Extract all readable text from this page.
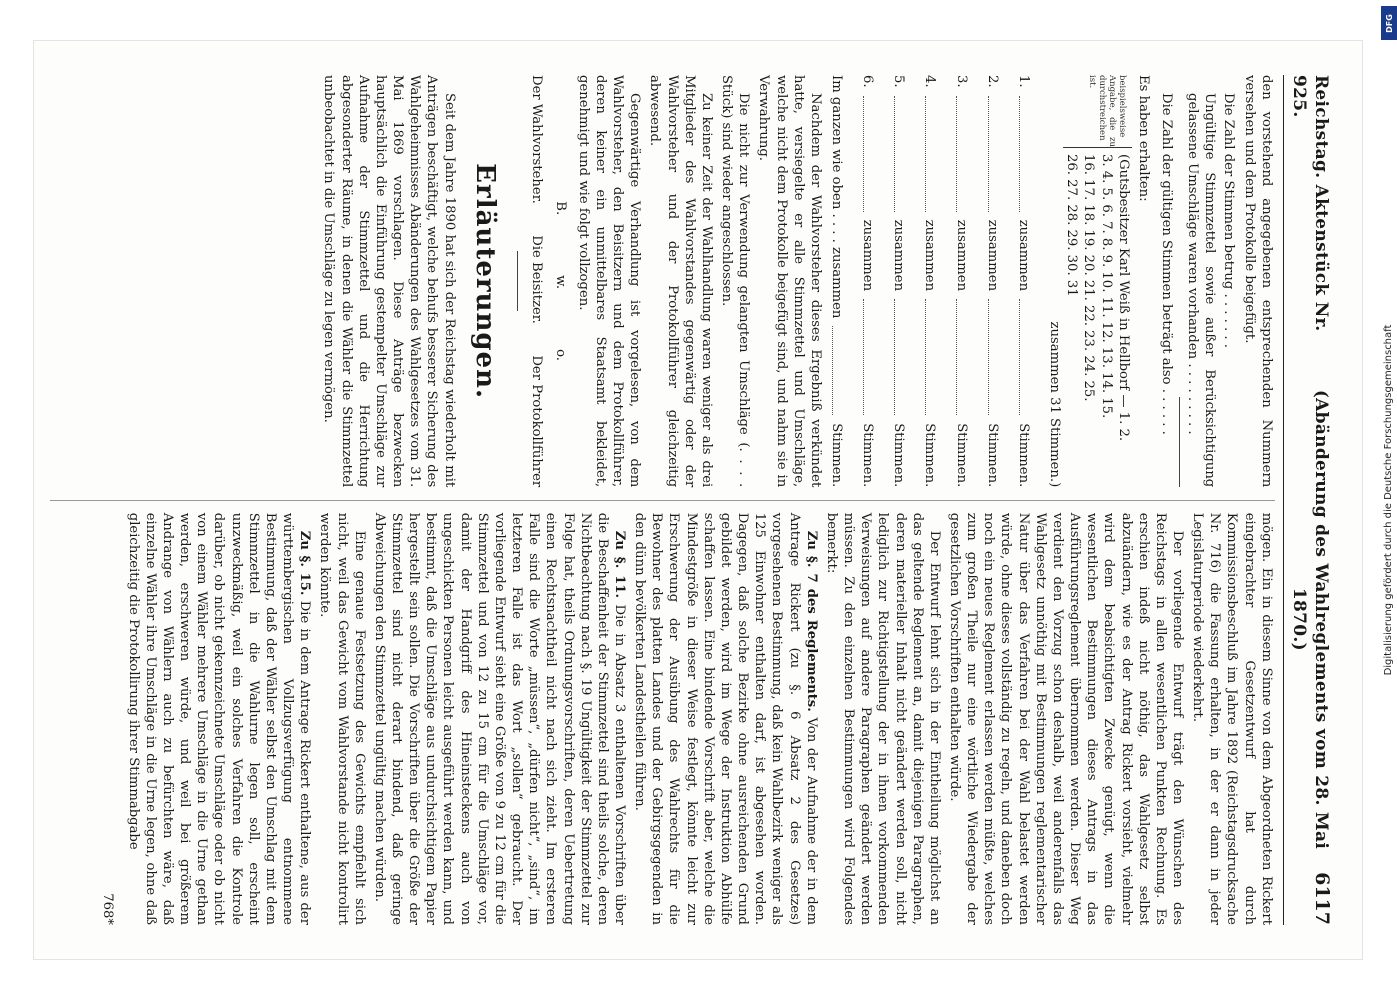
Reichstag. Aktenstück Nr. 925.
(Abänderung des Wahlreglements vom 28. Mai 1870.)
6117

den vorstehend angegebenen entsprechenden Nummern versehen und dem Protokolle beigefügt.

Die Zahl der Stimmen betrug . . . . . . .
Ungültige Stimmzettel sowie außer Berücksichtigung gelassene Umschläge waren vorhanden . . . . . . . . .
Die Zahl der gültigen Stimmen beträgt also . . . . . .

Es haben erhalten:

beispielsweise Angabe, die zu durchstreichen ist.
(Gutsbesitzer Karl Weiß in Hellborf — 1. 2.
3. 4. 5. 6. 7. 8. 9. 10. 11. 12. 13. 14. 15.
16. 17. 18. 19. 20. 21. 22. 23. 24. 25.
26. 27. 28. 29. 30. 31
zusammen 31 Stimmen.)
1.
zusammen
Stimmen.
2.
zusammen
Stimmen.
3.
zusammen
Stimmen.
4.
zusammen
Stimmen.
5.
zusammen
Stimmen.
6.
zusammen
Stimmen.
Im ganzen wie oben . . . . zusammen
Stimmen.

Nachdem der Wahlvorsteher dieses Ergebniß verkündet hatte, versiegelte er alle Stimmzettel und Umschläge, welche nicht dem Protokolle beigefügt sind, und nahm sie in Verwahrung.

Die nicht zur Verwendung gelangten Umschläge (. . . . Stück) sind wieder angeschlossen.

Zu keiner Zeit der Wahlhandlung waren weniger als drei Mitglieder des Wahlvorstandes gegenwärtig oder der Wahlvorsteher und der Protokollführer gleichzeitig abwesend.

Gegenwärtige Verhandlung ist vorgelesen, von dem Wahlvorsteher, den Beisitzern und dem Protokollführer, deren keiner ein unmittelbares Staatsamt bekleidet, genehmigt und wie folgt vollzogen.

B.
w.
o.
Der Wahlvorsteher.
Die Beisitzer.
Der Protokollführer
Erläuterungen.

Seit dem Jahre 1890 hat sich der Reichstag wiederholt mit Anträgen beschäftigt, welche behufs besserer Sicherung des Wahlgeheimnisses Abänderungen des Wahlgesetzes vom 31. Mai 1869 vorschlagen. Diese Anträge bezwecken hauptsächlich die Einführung gestempelter Umschläge zur Aufnahme der Stimmzettel und die Herrichtung abgesonderter Räume, in denen die Wähler die Stimmzettel unbeobachtet in die Umschläge zu legen vermögen.

mögen. Ein in diesem Sinne von dem Abgeordneten Rickert eingebrachter Gesetzentwurf hat durch Kommissionsbeschluß im Jahre 1892 (Reichstagsdrucksache Nr. 716) die Fassung erhalten, in der er dann in jeder Legislaturperiode wiederkehrt.

Der vorliegende Entwurf trägt den Wünschen des Reichstags in allen wesentlichen Punkten Rechnung. Es erschien indeß nicht nöthig, das Wahlgesetz selbst abzuändern, wie es der Antrag Rickert vorsieht, vielmehr wird dem beabsichtigten Zwecke genügt, wenn die wesentlichen Bestimmungen dieses Antrags in das Ausführungsreglement übernommen werden. Dieser Weg verdient den Vorzug schon deshalb, weil anderenfalls das Wahlgesetz unnöthig mit Bestimmungen reglementarischer Natur über das Verfahren bei der Wahl belastet werden würde, ohne dieses vollständig zu regeln, und daneben doch noch ein neues Reglement erlassen werden müßte, welches zum großen Theile nur eine wörtliche Wiedergabe der gesetzlichen Vorschriften enthalten würde.

Der Entwurf lehnt sich in der Eintheilung möglichst an das geltende Reglement an, damit diejenigen Paragraphen, deren materieller Inhalt nicht geändert werden soll, nicht lediglich zur Richtigstellung der in ihnen vorkommenden Verweisungen auf andere Paragraphen geändert werden müssen. Zu den einzelnen Bestimmungen wird Folgendes bemerkt:

Zu §. 7 des Reglements. Von der Aufnahme der in dem Antrage Rickert (zu §. 6 Absatz 2 des Gesetzes) vorgesehenen Bestimmung, daß kein Wahlbezirk weniger als 125 Einwohner enthalten darf, ist abgesehen worden. Dagegen, daß solche Bezirke ohne ausreichenden Grund gebildet werden, wird im Wege der Instruktion Abhülfe schaffen lassen. Eine bindende Vorschrift aber, welche die Mindestgröße in dieser Weise festlegt, könnte leicht zur Erschwerung der Ausübung des Wahlrechts für die Bewohner des platten Landes und der Gebirgsgegenden in den dünn bevölkerten Landestheilen führen.

Zu §. 11. Die in Absatz 3 enthaltenen Vorschriften über die Beschaffenheit der Stimmzettel sind theils solche, deren Nichtbeachtung nach §. 19 Ungültigkeit der Stimmzettel zur Folge hat, theils Ordnungsvorschriften, deren Uebertretung einen Rechtsnachtheil nicht nach sich zieht. Im ersteren Falle sind die Worte „müssen“, „dürfen nicht“, „sind“, im letzteren Falle ist das Wort „sollen“ gebraucht. Der vorliegende Entwurf sieht eine Größe von 9 zu 12 cm für die Stimmzettel und von 12 zu 15 cm für die Umschläge vor, damit der Handgriff des Hineinsteckens auch von ungeschickten Personen leicht ausgeführt werden kann, und bestimmt, daß die Umschläge aus undurchsichtigem Papier hergestellt sein sollen. Die Vorschriften über die Größe der Stimmzettel sind nicht derart bindend, daß geringe Abweichungen den Stimmzettel ungültig machen würden.

Eine genaue Festsetzung des Gewichts empfiehlt sich nicht, weil das Gewicht vom Wahlvorstande nicht kontrolirt werden könnte.

Zu §. 15. Die in dem Antrage Rickert enthaltene, aus der württembergischen Vollzugsverfügung entnommene Bestimmung, daß der Wähler selbst den Umschlag mit dem Stimmzettel in die Wahlurne legen soll, erscheint unzweckmäßig, weil ein solches Verfahren die Kontrole darüber, ob nicht gekennzeichnete Umschläge oder ob nicht von einem Wähler mehrere Umschläge in die Urne gethan werden, erschweren würde, und weil bei größerem Andrange von Wählern auch zu befürchten wäre, daß einzelne Wähler ihre Umschläge in die Urne legen, ohne daß gleichzeitig die Protokollirung ihrer Stimmabgabe

768*
Digitalisierung gefördert durch die Deutsche Forschungsgemeinschaft
DFG
